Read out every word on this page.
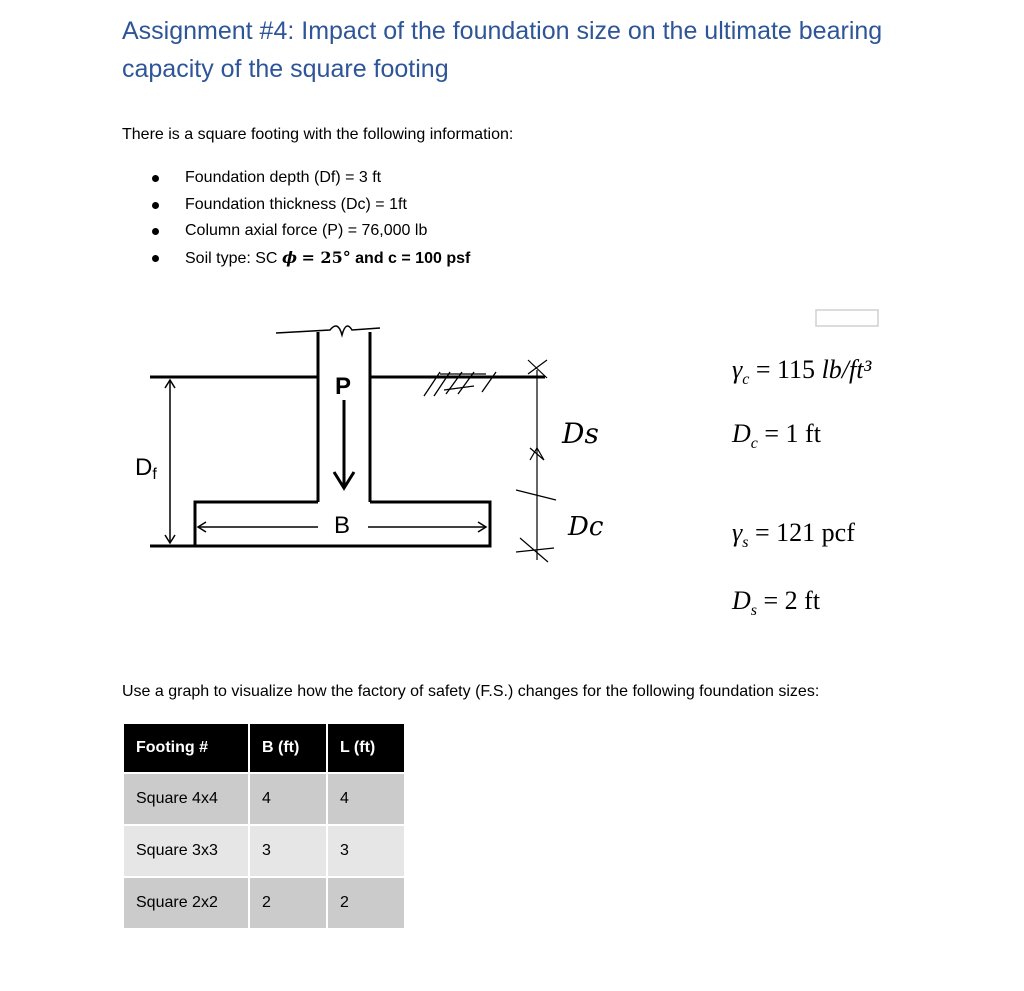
Assignment #4: Impact of the foundation size on the ultimate bearing capacity of the square footing
There is a square footing with the following information:
Foundation depth (Df) = 3 ft
Foundation thickness (Dc) = 1ft
Column axial force (P) = 76,000 lb
Soil type: SC ϕ = 25° and c = 100 psf
P
B
Df
Ds
Dc
$\gamma_c = 115$ lb/ft³
$D_c = 1$ ft
$\gamma_s = 121$ pcf
$D_s = 2$ ft
Use a graph to visualize how the factory of safety (F.S.) changes for the following foundation sizes:
Footing #	B (ft)	L (ft)
Square 4x4	4	4
Square 3x3	3	3
Square 2x2	2	2
